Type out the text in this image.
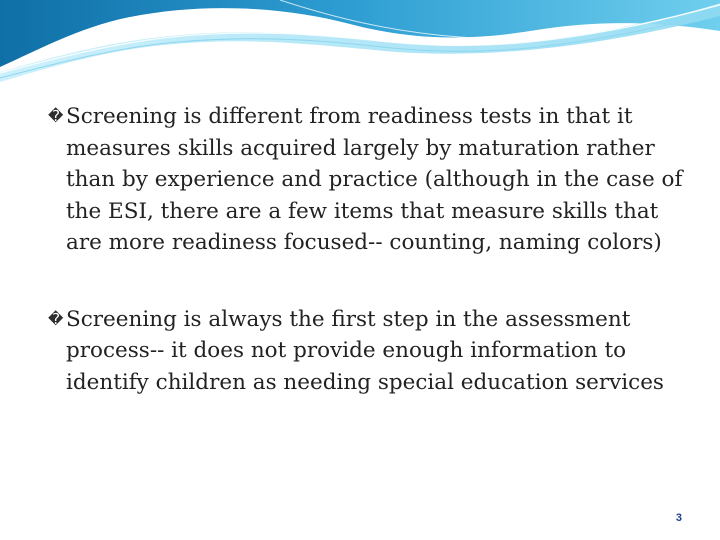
� Screening is different from readiness tests in that it measures skills acquired largely by maturation rather than by experience and practice (although in the case of the ESI, there are a few items that measure skills that are more readiness focused-- counting, naming colors)
� Screening is always the first step in the assessment process-- it does not provide enough information to identify children as needing special education services
3
